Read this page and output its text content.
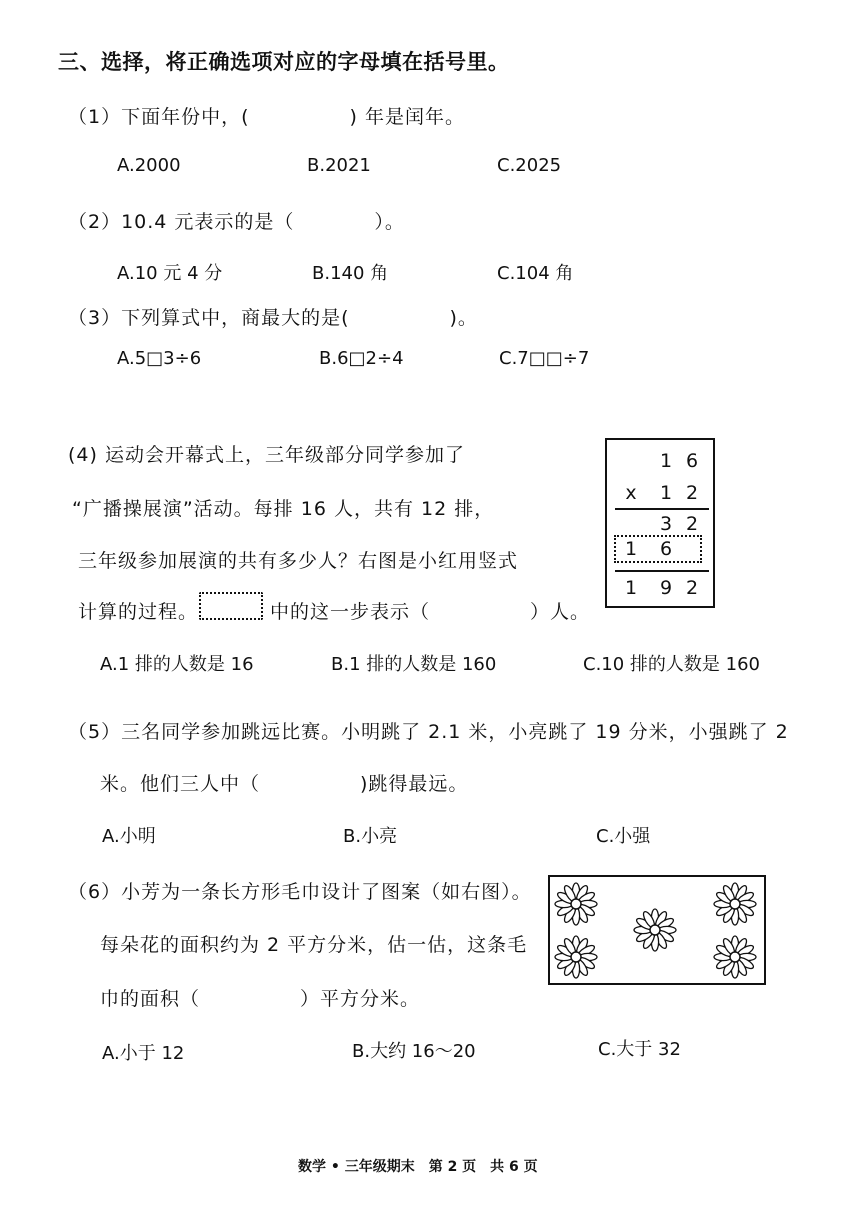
三、选择，将正确选项对应的字母填在括号里。
（1）下面年份中，(　　　　　) 年是闰年。
A.2000	B.2021	C.2025
（2）10.4 元表示的是（　　　　）。
A.10 元 4 分	B.140 角	C.104 角
（3）下列算式中，商最大的是(　　　　　)。
A.5□3÷6	B.6□2÷4	C.7□□÷7
(4) 运动会开幕式上，三年级部分同学参加了
“广播操展演”活动。每排 16 人，共有 12 排，
三年级参加展演的共有多少人？右图是小红用竖式
计算的过程。	中的这一步表示（　　　　　）人。
1 6
x	1 2
3 2
1	6
1	9 2
A.1 排的人数是 16	B.1 排的人数是 160	C.10 排的人数是 160
（5）三名同学参加跳远比赛。小明跳了 2.1 米，小亮跳了 19 分米，小强跳了 2
米。他们三人中（　　　　　)跳得最远。
A.小明	B.小亮	C.小强
（6）小芳为一条长方形毛巾设计了图案（如右图）。
每朵花的面积约为 2 平方分米，估一估，这条毛
巾的面积（　　　　　）平方分米。
A.小于 12	B.大约 16～20	C.大于 32
数学 • 三年级期末　第 2 页　共 6 页
